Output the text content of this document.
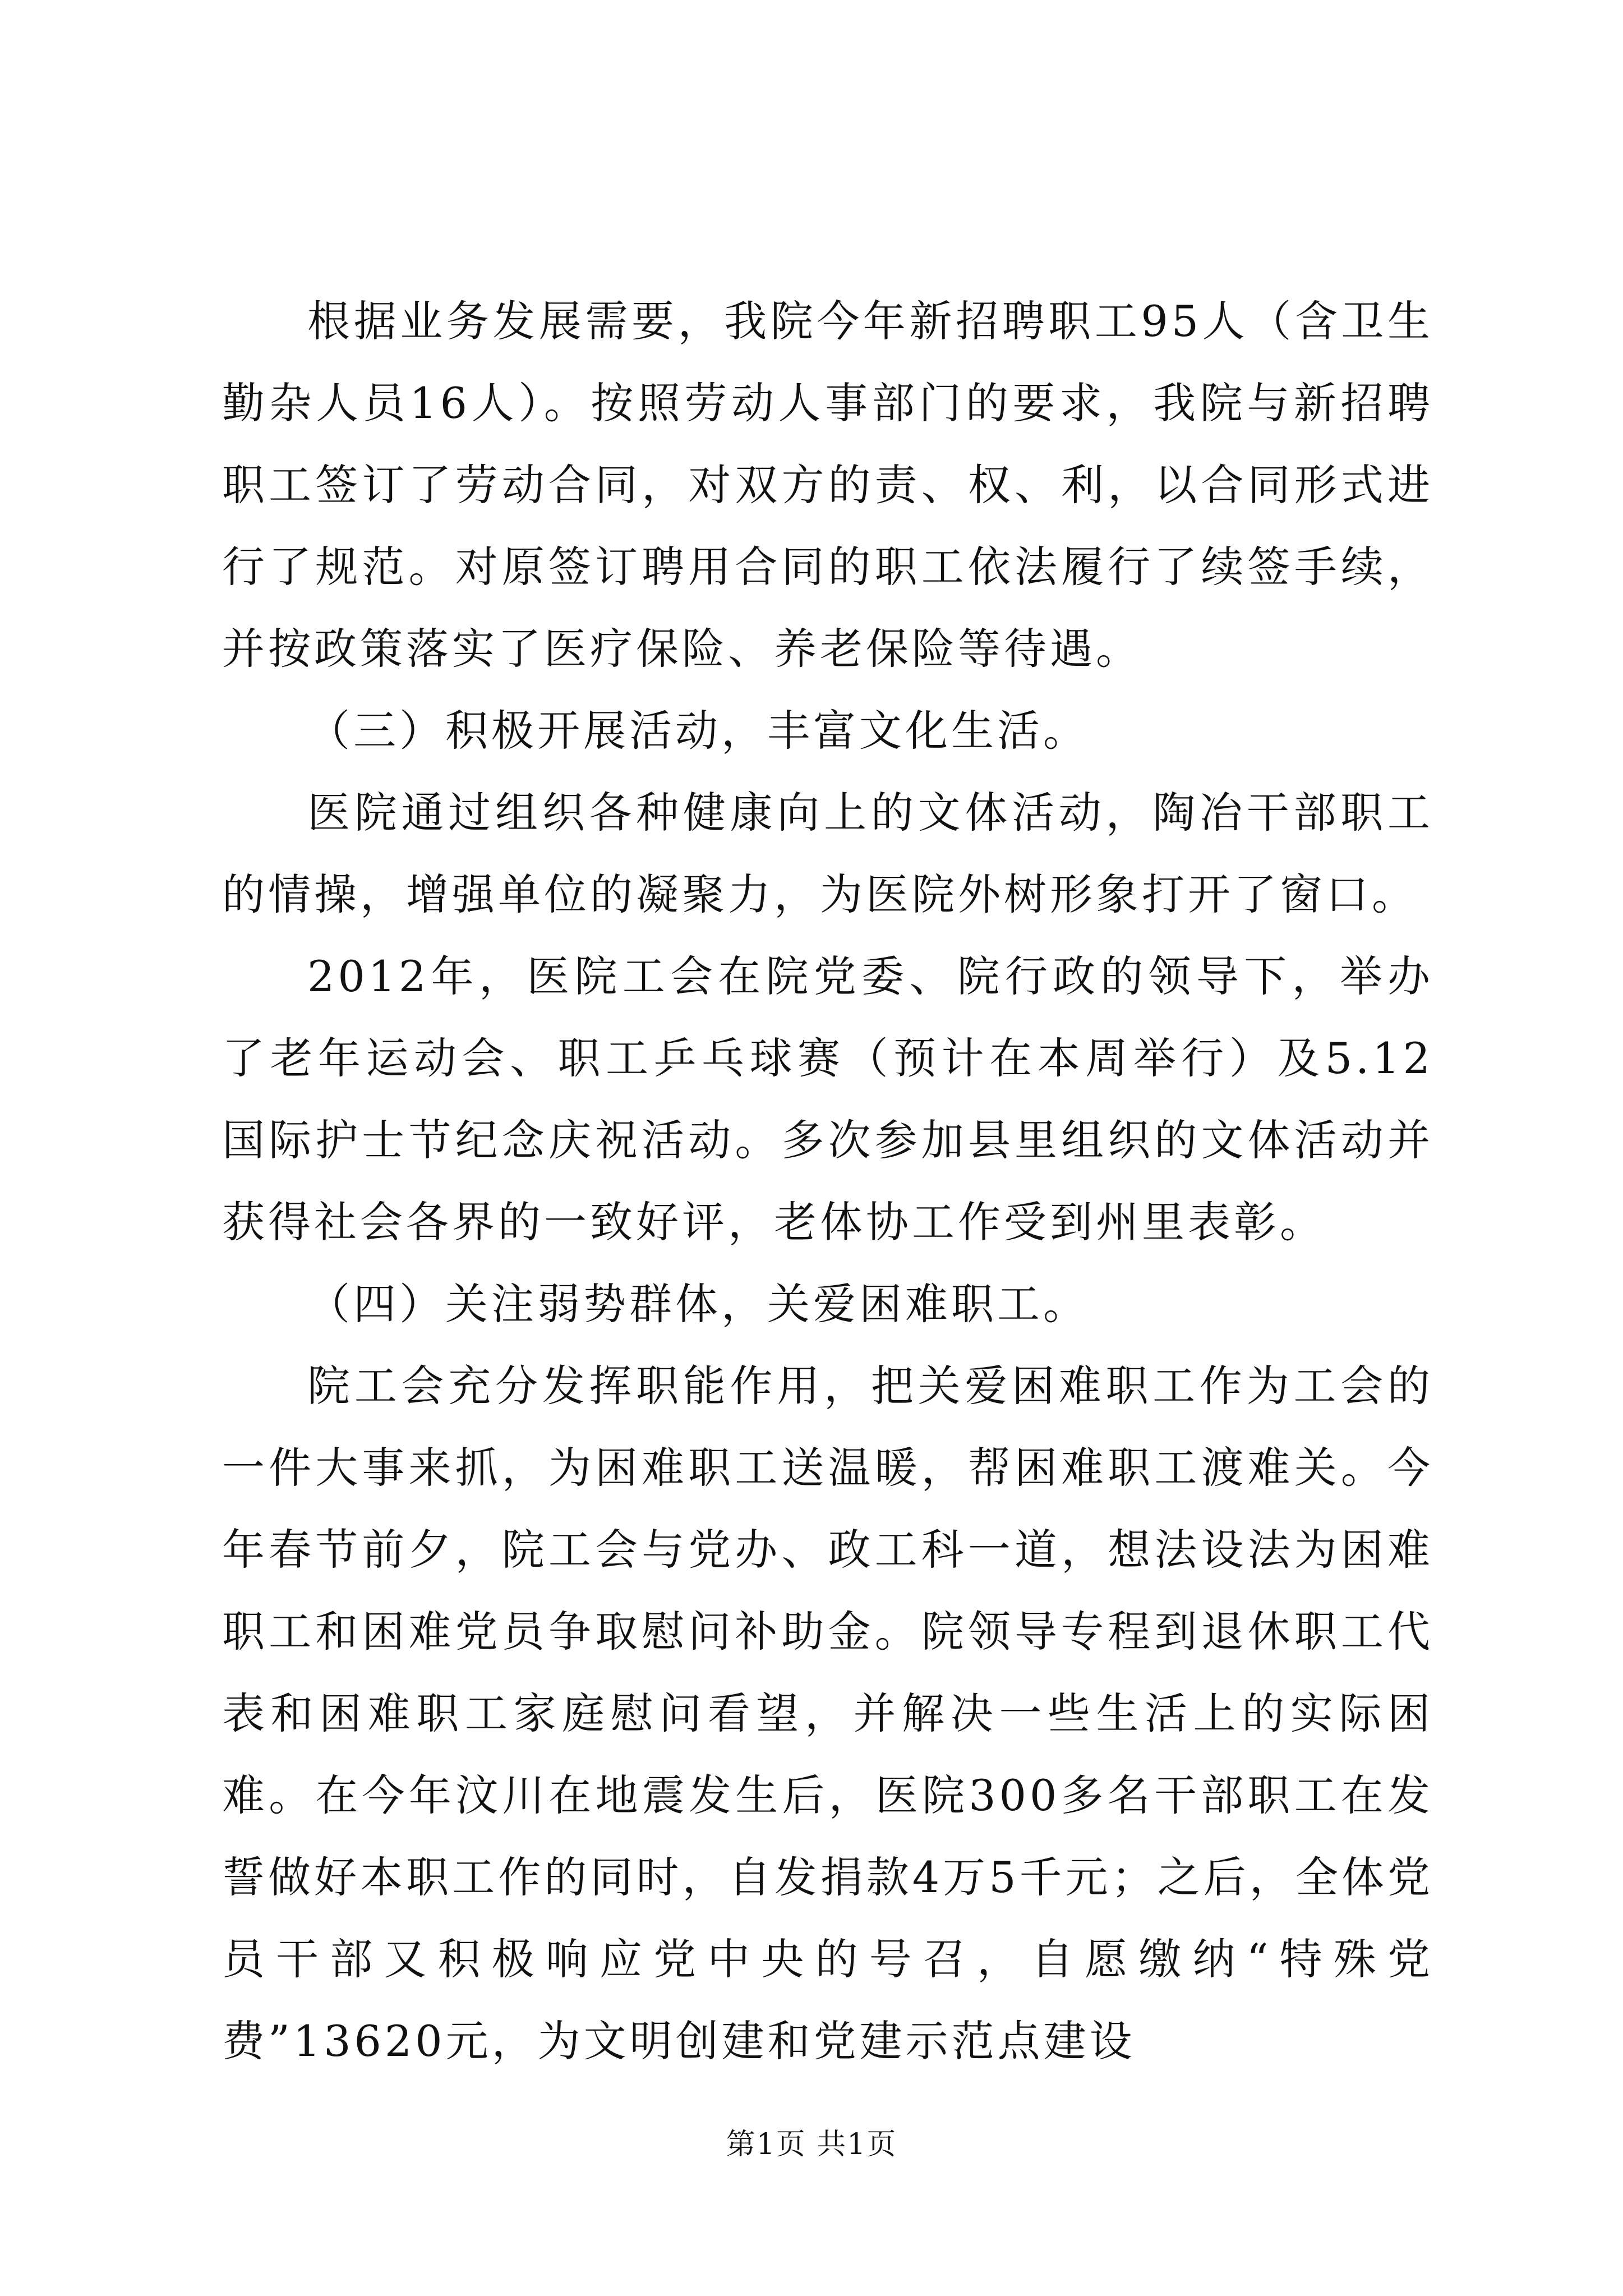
根据业务发展需要，我院今年新招聘职工95人（含卫生勤杂人员16人）。按照劳动人事部门的要求，我院与新招聘职工签订了劳动合同，对双方的责、权、利，以合同形式进行了规范。对原签订聘用合同的职工依法履行了续签手续，并按政策落实了医疗保险、养老保险等待遇。

（三）积极开展活动，丰富文化生活。

医院通过组织各种健康向上的文体活动，陶冶干部职工的情操，增强单位的凝聚力，为医院外树形象打开了窗口。

2012年，医院工会在院党委、院行政的领导下，举办了老年运动会、职工乒乓球赛（预计在本周举行）及5.12国际护士节纪念庆祝活动。多次参加县里组织的文体活动并获得社会各界的一致好评，老体协工作受到州里表彰。

（四）关注弱势群体，关爱困难职工。

院工会充分发挥职能作用，把关爱困难职工作为工会的一件大事来抓，为困难职工送温暖，帮困难职工渡难关。今年春节前夕，院工会与党办、政工科一道，想法设法为困难职工和困难党员争取慰问补助金。院领导专程到退休职工代表和困难职工家庭慰问看望，并解决一些生活上的实际困难。在今年汶川在地震发生后，医院300多名干部职工在发誓做好本职工作的同时，自发捐款4万5千元；之后，全体党员干部又积极响应党中央的号召，自愿缴纳“特殊党费”13620元，为文明创建和党建示范点建设

第1页 共1页
